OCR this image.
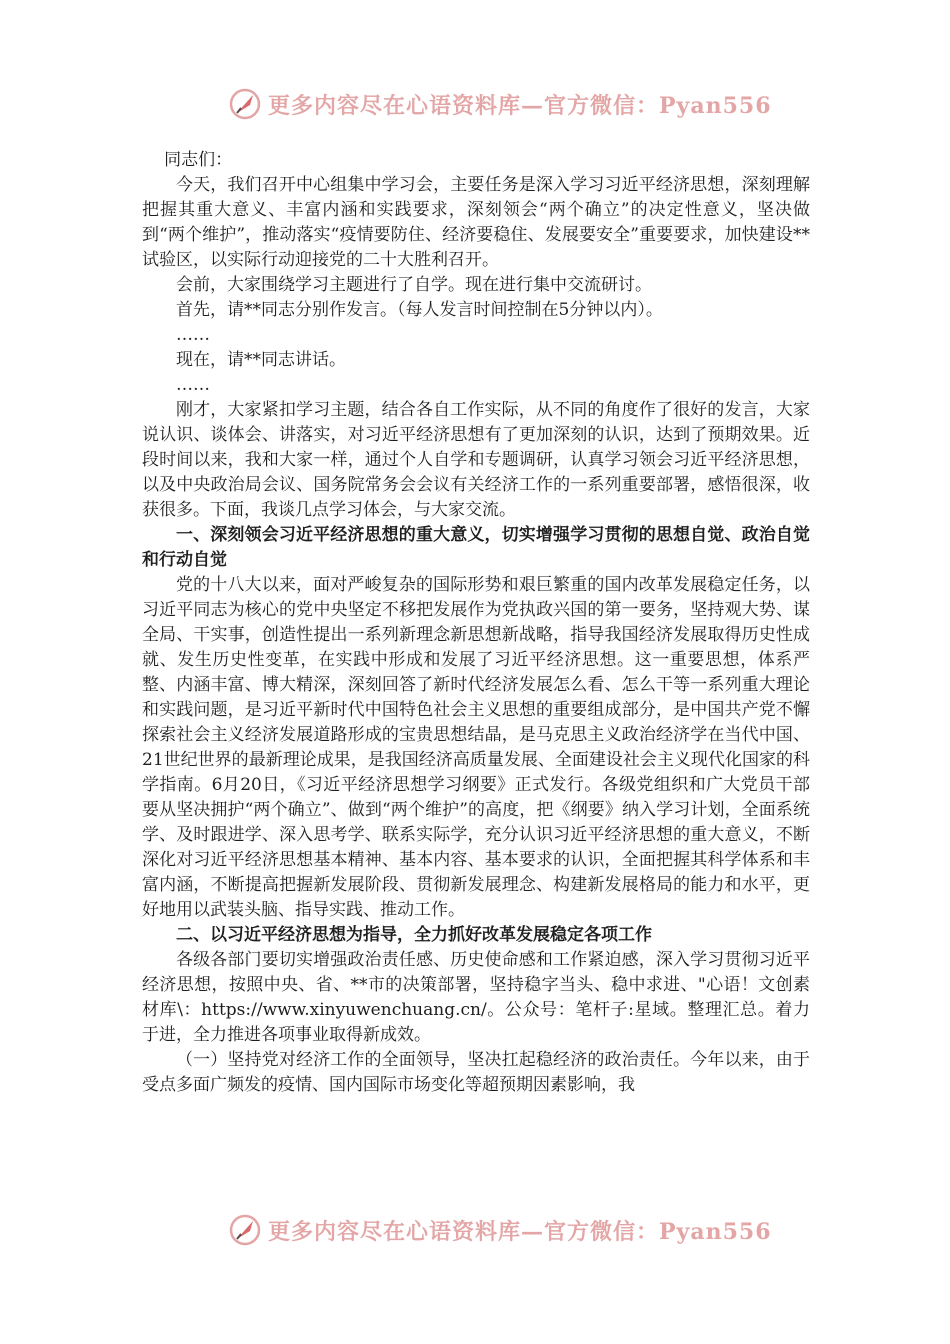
更多内容尽在心语资料库—官方微信：Pyan556

同志们：

今天，我们召开中心组集中学习会，主要任务是深入学习习近平经济思想，深刻理解把握其重大意义、丰富内涵和实践要求，深刻领会“两个确立”的决定性意义，坚决做到“两个维护”，推动落实“疫情要防住、经济要稳住、发展要安全”重要要求，加快建设**试验区，以实际行动迎接党的二十大胜利召开。

会前，大家围绕学习主题进行了自学。现在进行集中交流研讨。

首先，请**同志分别作发言。（每人发言时间控制在5分钟以内）。

……

现在，请**同志讲话。

……

刚才，大家紧扣学习主题，结合各自工作实际，从不同的角度作了很好的发言，大家说认识、谈体会、讲落实，对习近平经济思想有了更加深刻的认识，达到了预期效果。近段时间以来，我和大家一样，通过个人自学和专题调研，认真学习领会习近平经济思想，以及中央政治局会议、国务院常务会会议有关经济工作的一系列重要部署，感悟很深，收获很多。下面，我谈几点学习体会，与大家交流。

一、深刻领会习近平经济思想的重大意义，切实增强学习贯彻的思想自觉、政治自觉和行动自觉

党的十八大以来，面对严峻复杂的国际形势和艰巨繁重的国内改革发展稳定任务，以习近平同志为核心的党中央坚定不移把发展作为党执政兴国的第一要务，坚持观大势、谋全局、干实事，创造性提出一系列新理念新思想新战略，指导我国经济发展取得历史性成就、发生历史性变革，在实践中形成和发展了习近平经济思想。这一重要思想，体系严整、内涵丰富、博大精深，深刻回答了新时代经济发展怎么看、怎么干等一系列重大理论和实践问题，是习近平新时代中国特色社会主义思想的重要组成部分，是中国共产党不懈探索社会主义经济发展道路形成的宝贵思想结晶，是马克思主义政治经济学在当代中国、21世纪世界的最新理论成果，是我国经济高质量发展、全面建设社会主义现代化国家的科学指南。6月20日，《习近平经济思想学习纲要》正式发行。各级党组织和广大党员干部要从坚决拥护“两个确立”、做到“两个维护”的高度，把《纲要》纳入学习计划，全面系统学、及时跟进学、深入思考学、联系实际学，充分认识习近平经济思想的重大意义，不断深化对习近平经济思想基本精神、基本内容、基本要求的认识，全面把握其科学体系和丰富内涵，不断提高把握新发展阶段、贯彻新发展理念、构建新发展格局的能力和水平，更好地用以武装头脑、指导实践、推动工作。

二、以习近平经济思想为指导，全力抓好改革发展稳定各项工作

各级各部门要切实增强政治责任感、历史使命感和工作紧迫感，深入学习贯彻习近平经济思想，按照中央、省、**市的决策部署，坚持稳字当头、稳中求进、"心语！文创素材库\：https://www.xinyuwenchuang.cn/。公众号：笔杆子:星域。整理汇总。着力于进，全力推进各项事业取得新成效。

（一）坚持党对经济工作的全面领导，坚决扛起稳经济的政治责任。今年以来，由于受点多面广频发的疫情、国内国际市场变化等超预期因素影响，我

更多内容尽在心语资料库—官方微信：Pyan556
